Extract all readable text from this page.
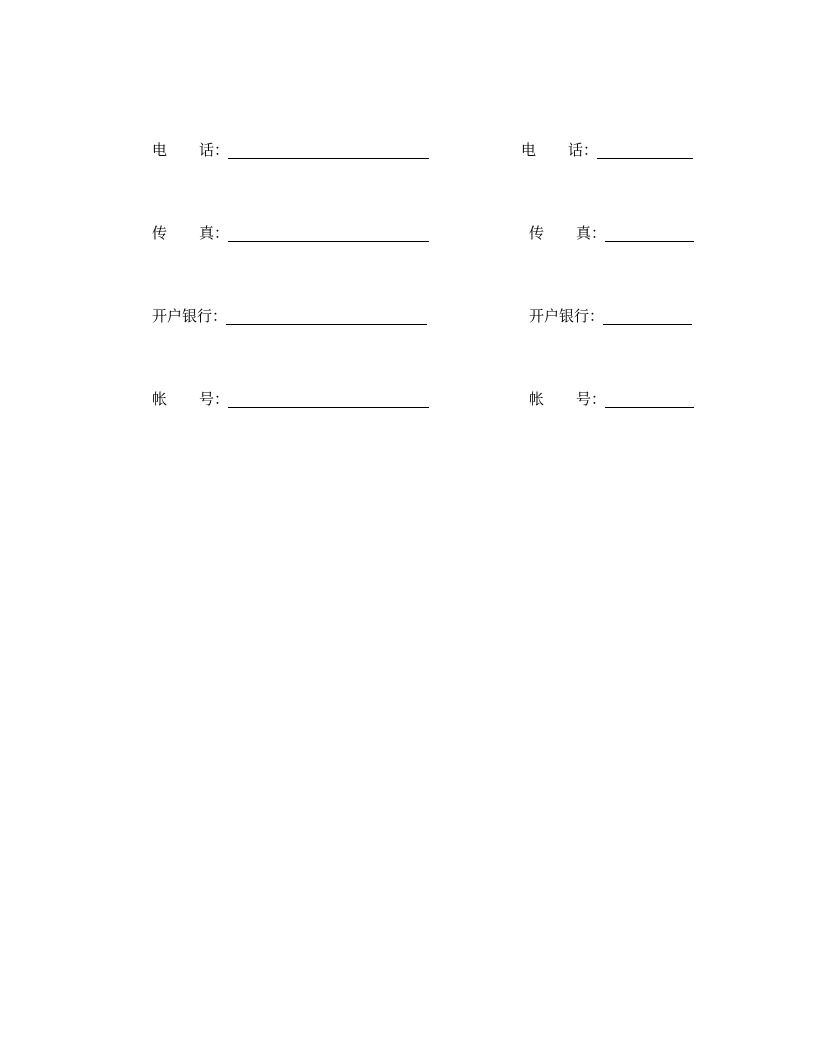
电 话 ：
传 真 ：
开户银行 ：
帐 号 ：
电 话 ：
传 真 ：
开户银行 ：
帐 号 ：
